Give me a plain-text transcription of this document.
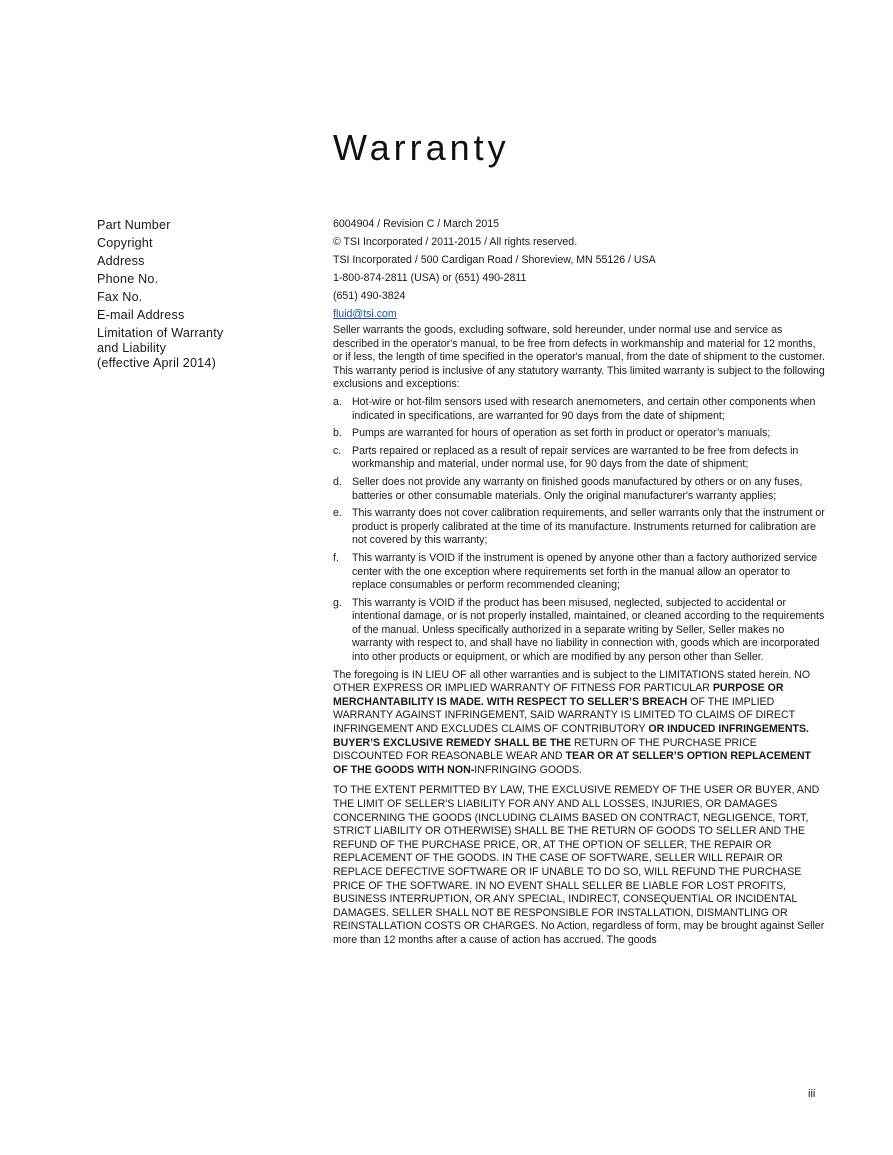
Warranty
Part Number	6004904 / Revision C / March 2015
Copyright	© TSI Incorporated / 2011-2015 / All rights reserved.
Address	TSI Incorporated / 500 Cardigan Road / Shoreview, MN 55126 / USA
Phone No.	1-800-874-2811 (USA) or (651) 490-2811
Fax No.	(651) 490-3824
E-mail Address	fluid@tsi.com
Limitation of Warranty
and Liability
(effective April 2014)

Seller warrants the goods, excluding software, sold hereunder, under normal use and service as described in the operator's manual, to be free from defects in workmanship and material for 12 months, or if less, the length of time specified in the operator's manual, from the date of shipment to the customer. This warranty period is inclusive of any statutory warranty. This limited warranty is subject to the following exclusions and exceptions:

a. Hot-wire or hot-film sensors used with research anemometers, and certain other components when indicated in specifications, are warranted for 90 days from the date of shipment;
b. Pumps are warranted for hours of operation as set forth in product or operator’s manuals;
c. Parts repaired or replaced as a result of repair services are warranted to be free from defects in workmanship and material, under normal use, for 90 days from the date of shipment;
d. Seller does not provide any warranty on finished goods manufactured by others or on any fuses, batteries or other consumable materials. Only the original manufacturer's warranty applies;
e. This warranty does not cover calibration requirements, and seller warrants only that the instrument or product is properly calibrated at the time of its manufacture. Instruments returned for calibration are not covered by this warranty;
f. This warranty is VOID if the instrument is opened by anyone other than a factory authorized service center with the one exception where requirements set forth in the manual allow an operator to replace consumables or perform recommended cleaning;
g. This warranty is VOID if the product has been misused, neglected, subjected to accidental or intentional damage, or is not properly installed, maintained, or cleaned according to the requirements of the manual. Unless specifically authorized in a separate writing by Seller, Seller makes no warranty with respect to, and shall have no liability in connection with, goods which are incorporated into other products or equipment, or which are modified by any person other than Seller.

The foregoing is IN LIEU OF all other warranties and is subject to the LIMITATIONS stated herein. NO OTHER EXPRESS OR IMPLIED WARRANTY OF FITNESS FOR PARTICULAR PURPOSE OR MERCHANTABILITY IS MADE. WITH RESPECT TO SELLER’S BREACH OF THE IMPLIED WARRANTY AGAINST INFRINGEMENT, SAID WARRANTY IS LIMITED TO CLAIMS OF DIRECT INFRINGEMENT AND EXCLUDES CLAIMS OF CONTRIBUTORY OR INDUCED INFRINGEMENTS. BUYER’S EXCLUSIVE REMEDY SHALL BE THE RETURN OF THE PURCHASE PRICE DISCOUNTED FOR REASONABLE WEAR AND TEAR OR AT SELLER’S OPTION REPLACEMENT OF THE GOODS WITH NON-INFRINGING GOODS.

TO THE EXTENT PERMITTED BY LAW, THE EXCLUSIVE REMEDY OF THE USER OR BUYER, AND THE LIMIT OF SELLER'S LIABILITY FOR ANY AND ALL LOSSES, INJURIES, OR DAMAGES CONCERNING THE GOODS (INCLUDING CLAIMS BASED ON CONTRACT, NEGLIGENCE, TORT, STRICT LIABILITY OR OTHERWISE) SHALL BE THE RETURN OF GOODS TO SELLER AND THE REFUND OF THE PURCHASE PRICE, OR, AT THE OPTION OF SELLER, THE REPAIR OR REPLACEMENT OF THE GOODS. IN THE CASE OF SOFTWARE, SELLER WILL REPAIR OR REPLACE DEFECTIVE SOFTWARE OR IF UNABLE TO DO SO, WILL REFUND THE PURCHASE PRICE OF THE SOFTWARE. IN NO EVENT SHALL SELLER BE LIABLE FOR LOST PROFITS, BUSINESS INTERRUPTION, OR ANY SPECIAL, INDIRECT, CONSEQUENTIAL OR INCIDENTAL DAMAGES. SELLER SHALL NOT BE RESPONSIBLE FOR INSTALLATION, DISMANTLING OR REINSTALLATION COSTS OR CHARGES. No Action, regardless of form, may be brought against Seller more than 12 months after a cause of action has accrued. The goods

iii
